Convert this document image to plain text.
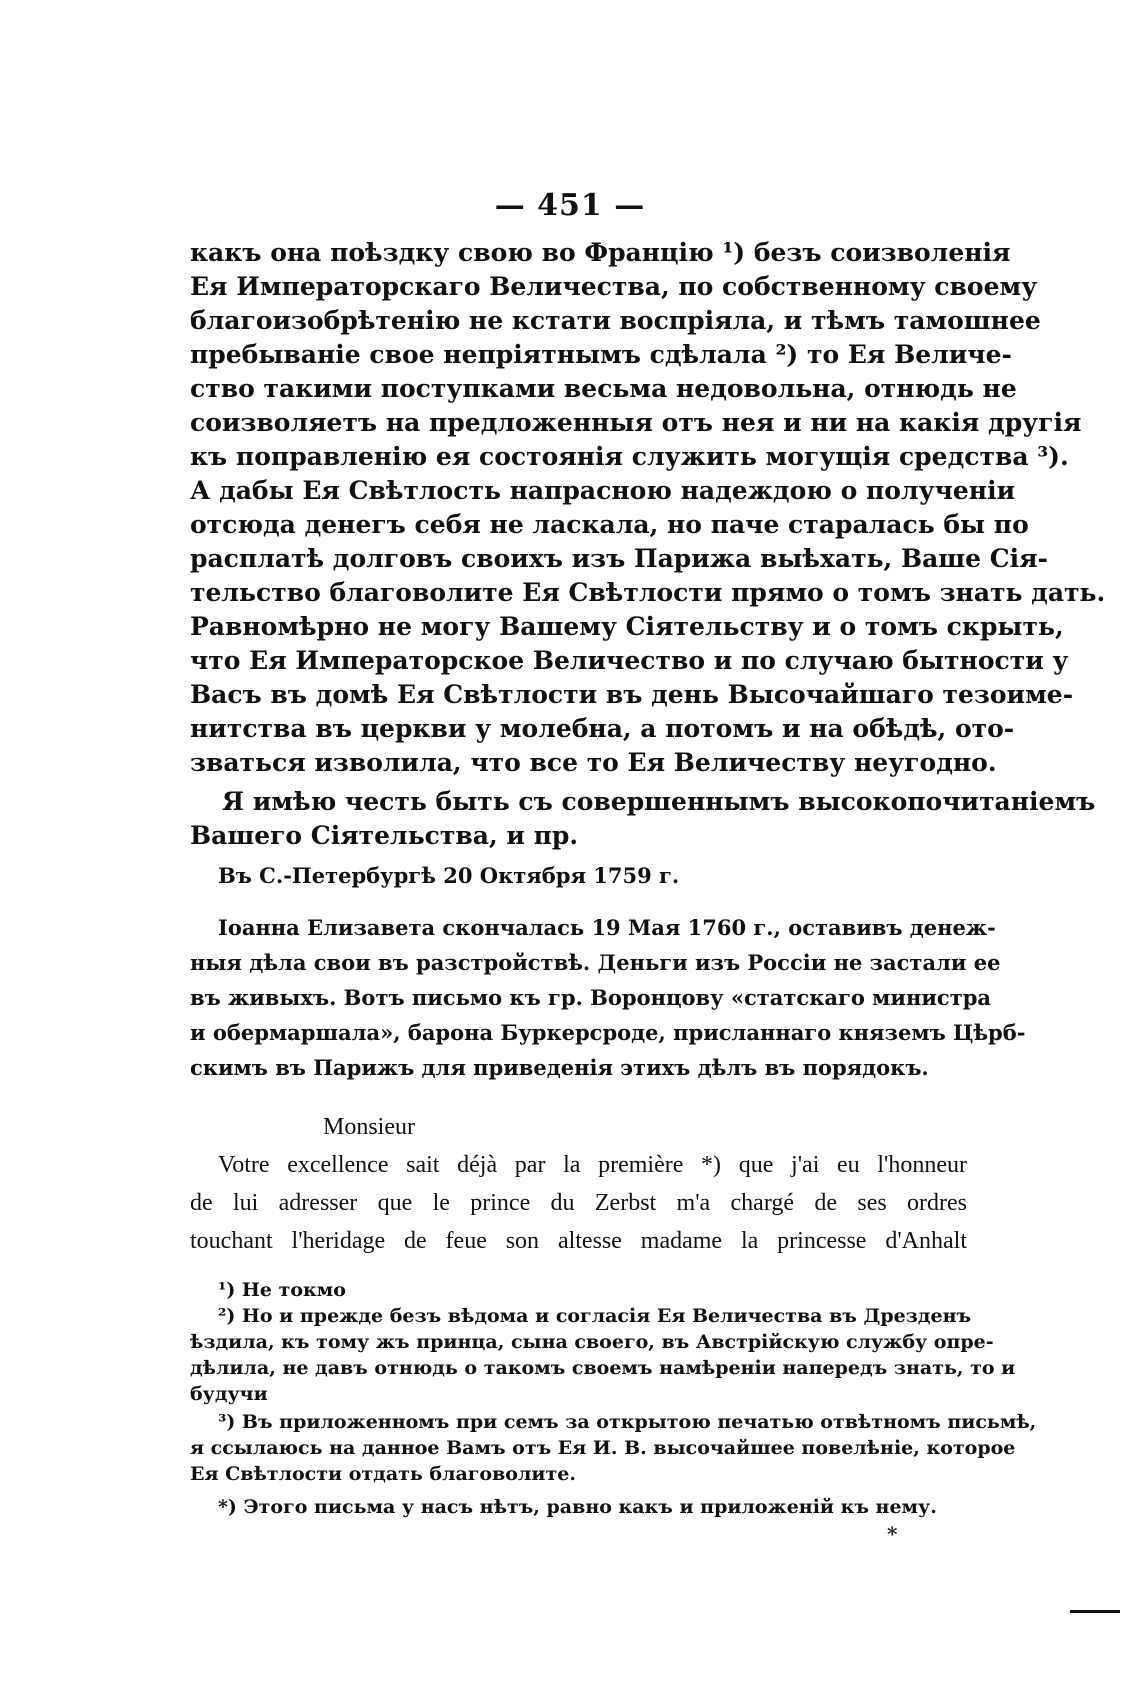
— 451 —
какъ она поѣздку свою во Францію ¹) безъ соизволенія
Ея Императорскаго Величества, по собственному своему
благоизобрѣтенію не кстати воспріяла, и тѣмъ тамошнее
пребываніе свое непріятнымъ сдѣлала ²) то Ея Величе-
ство такими поступками весьма недовольна, отнюдь не
соизволяетъ на предложенныя отъ нея и ни на какія другія
къ поправленію ея состоянія служить могущія средства ³).
А дабы Ея Свѣтлость напрасною надеждою о полученіи
отсюда денегъ себя не ласкала, но паче старалась бы по
расплатѣ долговъ своихъ изъ Парижа выѣхать, Ваше Сія-
тельство благоволите Ея Свѣтлости прямо о томъ знать дать.
Равномѣрно не могу Вашему Сіятельству и о томъ скрыть,
что Ея Императорское Величество и по случаю бытности у
Васъ въ домѣ Ея Свѣтлости въ день Высочайшаго тезоиме-
нитства въ церкви у молебна, а потомъ и на обѣдѣ, ото-
зваться изволила, что все то Ея Величеству неугодно.
Я имѣю честь быть съ совершеннымъ высокопочитаніемъ
Вашего Сіятельства, и пр.
Въ С.-Петербургѣ 20 Октября 1759 г.
Іоанна Елизавета скончалась 19 Мая 1760 г., оставивъ денеж-
ныя дѣла свои въ разстройствѣ. Деньги изъ Россіи не застали ее
въ живыхъ. Вотъ письмо къ гр. Воронцову «статскаго министра
и обермаршала», барона Буркерсроде, присланнаго княземъ Цѣрб-
скимъ въ Парижъ для приведенія этихъ дѣлъ въ порядокъ.
Monsieur
Votre excellence sait déjà par la première *) que j'ai eu l'honneur
de lui adresser que le prince du Zerbst m'a chargé de ses ordres
touchant l'heridage de feue son altesse madame la princesse d'Anhalt
¹) Не токмо
²) Но и прежде безъ вѣдома и согласія Ея Величества въ Дрезденъ
ѣздила, къ тому жъ принца, сына своего, въ Австрійскую службу опре-
дѣлила, не давъ отнюдь о такомъ своемъ намѣреніи напередъ знать, то и
будучи
³) Въ приложенномъ при семъ за открытою печатью отвѣтномъ письмѣ,
я ссылаюсь на данное Вамъ отъ Ея И. В. высочайшее повелѣніе, которое
Ея Свѣтлости отдать благоволите.
*) Этого письма у насъ нѣтъ, равно какъ и приложеній къ нему.
*
